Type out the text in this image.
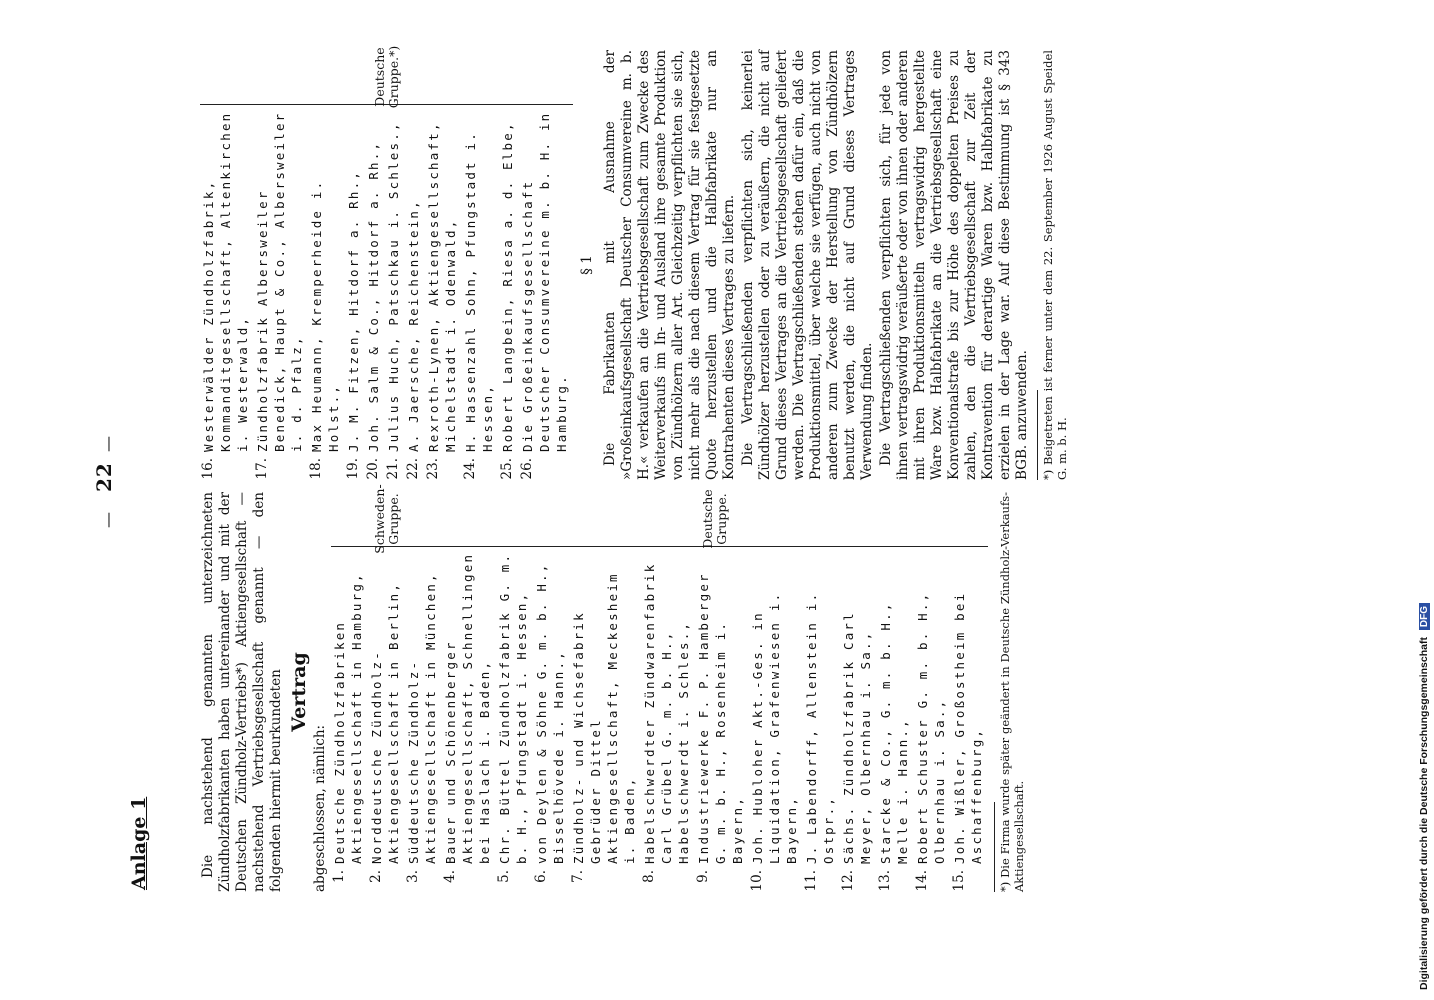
Digitalisierung gefördert durch die Deutsche Forschungsgemeinschaft DFG
—
22
—
Anlage 1	Die nachstehend genannten unterzeichneten Zündholzfabrikanten haben untereinander und mit der Deutschen Zündholz-Vertriebs*) Aktiengesellschaft — nachstehend Vertriebsgesellschaft genannt — den folgenden hiermit beurkundeten Vertrag

abgeschlossen, nämlich: 1.
Deutsche Zündholzfabriken Aktiengesellschaft in Hamburg,
2.
Norddeutsche Zündholz-Aktiengesellschaft in Berlin,
3.
Süddeutsche Zündholz-Aktiengesellschaft in München,
Schweden-Gruppe.
4.
Bauer und Schönenberger Aktiengesellschaft, Schnellingen bei Haslach i. Baden,
5.
Chr. Büttel Zündholzfabrik G. m. b. H., Pfungstadt i. Hessen,
6.
von Deylen & Söhne G. m. b. H., Bisselhövede i. Hann.,
7.
Zündholz- und Wichsefabrik Gebrüder Dittel Aktiengesellschaft, Meckesheim i. Baden,
8.
Habelschwerdter Zündwarenfabrik Carl Grübel G. m. b. H., Habelschwerdt i. Schles.,
9.
Industriewerke F. P. Hamberger G. m. b. H., Rosenheim i. Bayern,
10.
Joh. Hubloher Akt.-Ges. in Liquidation, Grafenwiesen i. Bayern,
11.
J. Labendorff, Allenstein i. Ostpr.,
12.
Sächs. Zündholzfabrik Carl Meyer, Olbernhau i. Sa.,
13.
Starcke & Co., G. m. b. H., Melle i. Hann.,
14.
Robert Schuster G. m. b. H., Olbernhau i. Sa.,
15.
Joh. Wißler, Großostheim bei Aschaffenburg,
Deutsche Gruppe.	*) Die Firma wurde später geändert in Deutsche Zündholz-Verkaufs-Aktiengesellschaft.

16.
Westerwälder Zündholzfabrik, Kommanditgesellschaft, Altenkirchen i. Westerwald,
17.
Zündholzfabrik Albersweiler Benedick, Haupt & Co., Albersweiler i. d. Pfalz,
18.
Max Heumann, Kremperheide i. Holst.,
19.
J. M. Fitzen, Hitdorf a. Rh.,
20.
Joh. Salm & Co., Hitdorf a. Rh.,
21.
Julius Huch, Patschkau i. Schles.,
22.
A. Jaersche, Reichenstein,
23.
Rexroth-Lynen, Aktiengesellschaft, Michelstadt i. Odenwald,
24.
H. Hassenzahl Sohn, Pfungstadt i. Hessen,
25.
Robert Langbein, Riesa a. d. Elbe,
26.
Die Großeinkaufsgesellschaft Deutscher Consumvereine m. b. H. in Hamburg.
Deutsche Gruppe.*)
§ 1 Die Fabrikanten mit Ausnahme der »Großeinkaufsgesellschaft Deutscher Consumvereine m. b. H.« verkaufen an die Vertriebsgesellschaft zum Zwecke des Weiterverkaufs im In- und Ausland ihre gesamte Produktion von Zündhölzern aller Art. Gleichzeitig verpflichten sie sich, nicht mehr als die nach diesem Vertrag für sie festgesetzte Quote herzustellen und die Halbfabrikate nur an Kontrahenten dieses Vertrages zu liefern. Die Vertragschließenden verpflichten sich, keinerlei Zündhölzer herzustellen oder zu veräußern, die nicht auf Grund dieses Vertrages an die Vertriebsgesellschaft geliefert werden. Die Vertragschließenden stehen dafür ein, daß die Produktionsmittel, über welche sie verfügen, auch nicht von anderen zum Zwecke der Herstellung von Zündhölzern benutzt werden, die nicht auf Grund dieses Vertrages Verwendung finden. Die Vertragschließenden verpflichten sich, für jede von ihnen vertragswidrig veräußerte oder von ihnen oder anderen mit ihren Produktionsmitteln vertragswidrig hergestellte Ware bzw. Halbfabrikate an die Vertriebsgesellschaft eine Konventionalstrafe bis zur Höhe des doppelten Preises zu zahlen, den die Vertriebsgesellschaft zur Zeit der Kontravention für derartige Waren bzw. Halbfabrikate zu erzielen in der Lage war. Auf diese Bestimmung ist § 343 BGB. anzuwenden. *) Beigetreten ist ferner unter dem 22. September 1926 August Speidel G. m. b. H.
